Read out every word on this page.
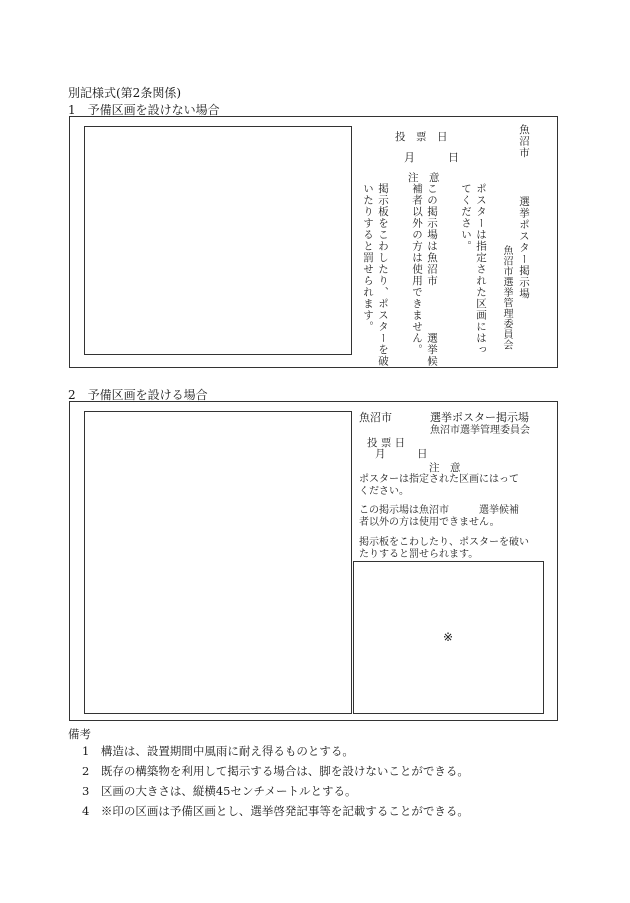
別記様式(第2条関係)
1　予備区画を設けない場合
魚沼市
選挙ポスター掲示場
魚沼市選挙管理委員会
ポスターは指定された区画にはっ
てください。
この掲示場は魚沼市　　　　選挙候
補者以外の方は使用できません。
掲示板をこわしたり、ポスターを破
いたりすると罰せられます。
投　票　日
月　　　日
注　意
2　予備区画を設ける場合
魚沼市	選挙ポスター掲示場
魚沼市選挙管理委員会
投 票 日
月　　　日
注　意
ポスターは指定された区画にはって
ください。
この掲示場は魚沼市　　　選挙候補
者以外の方は使用できません。
掲示板をこわしたり、ポスターを破い
たりすると罰せられます。
※
備考
1　構造は、設置期間中風雨に耐え得るものとする。
2　既存の構築物を利用して掲示する場合は、脚を設けないことができる。
3　区画の大きさは、縦横45センチメートルとする。
4　※印の区画は予備区画とし、選挙啓発記事等を記載することができる。
